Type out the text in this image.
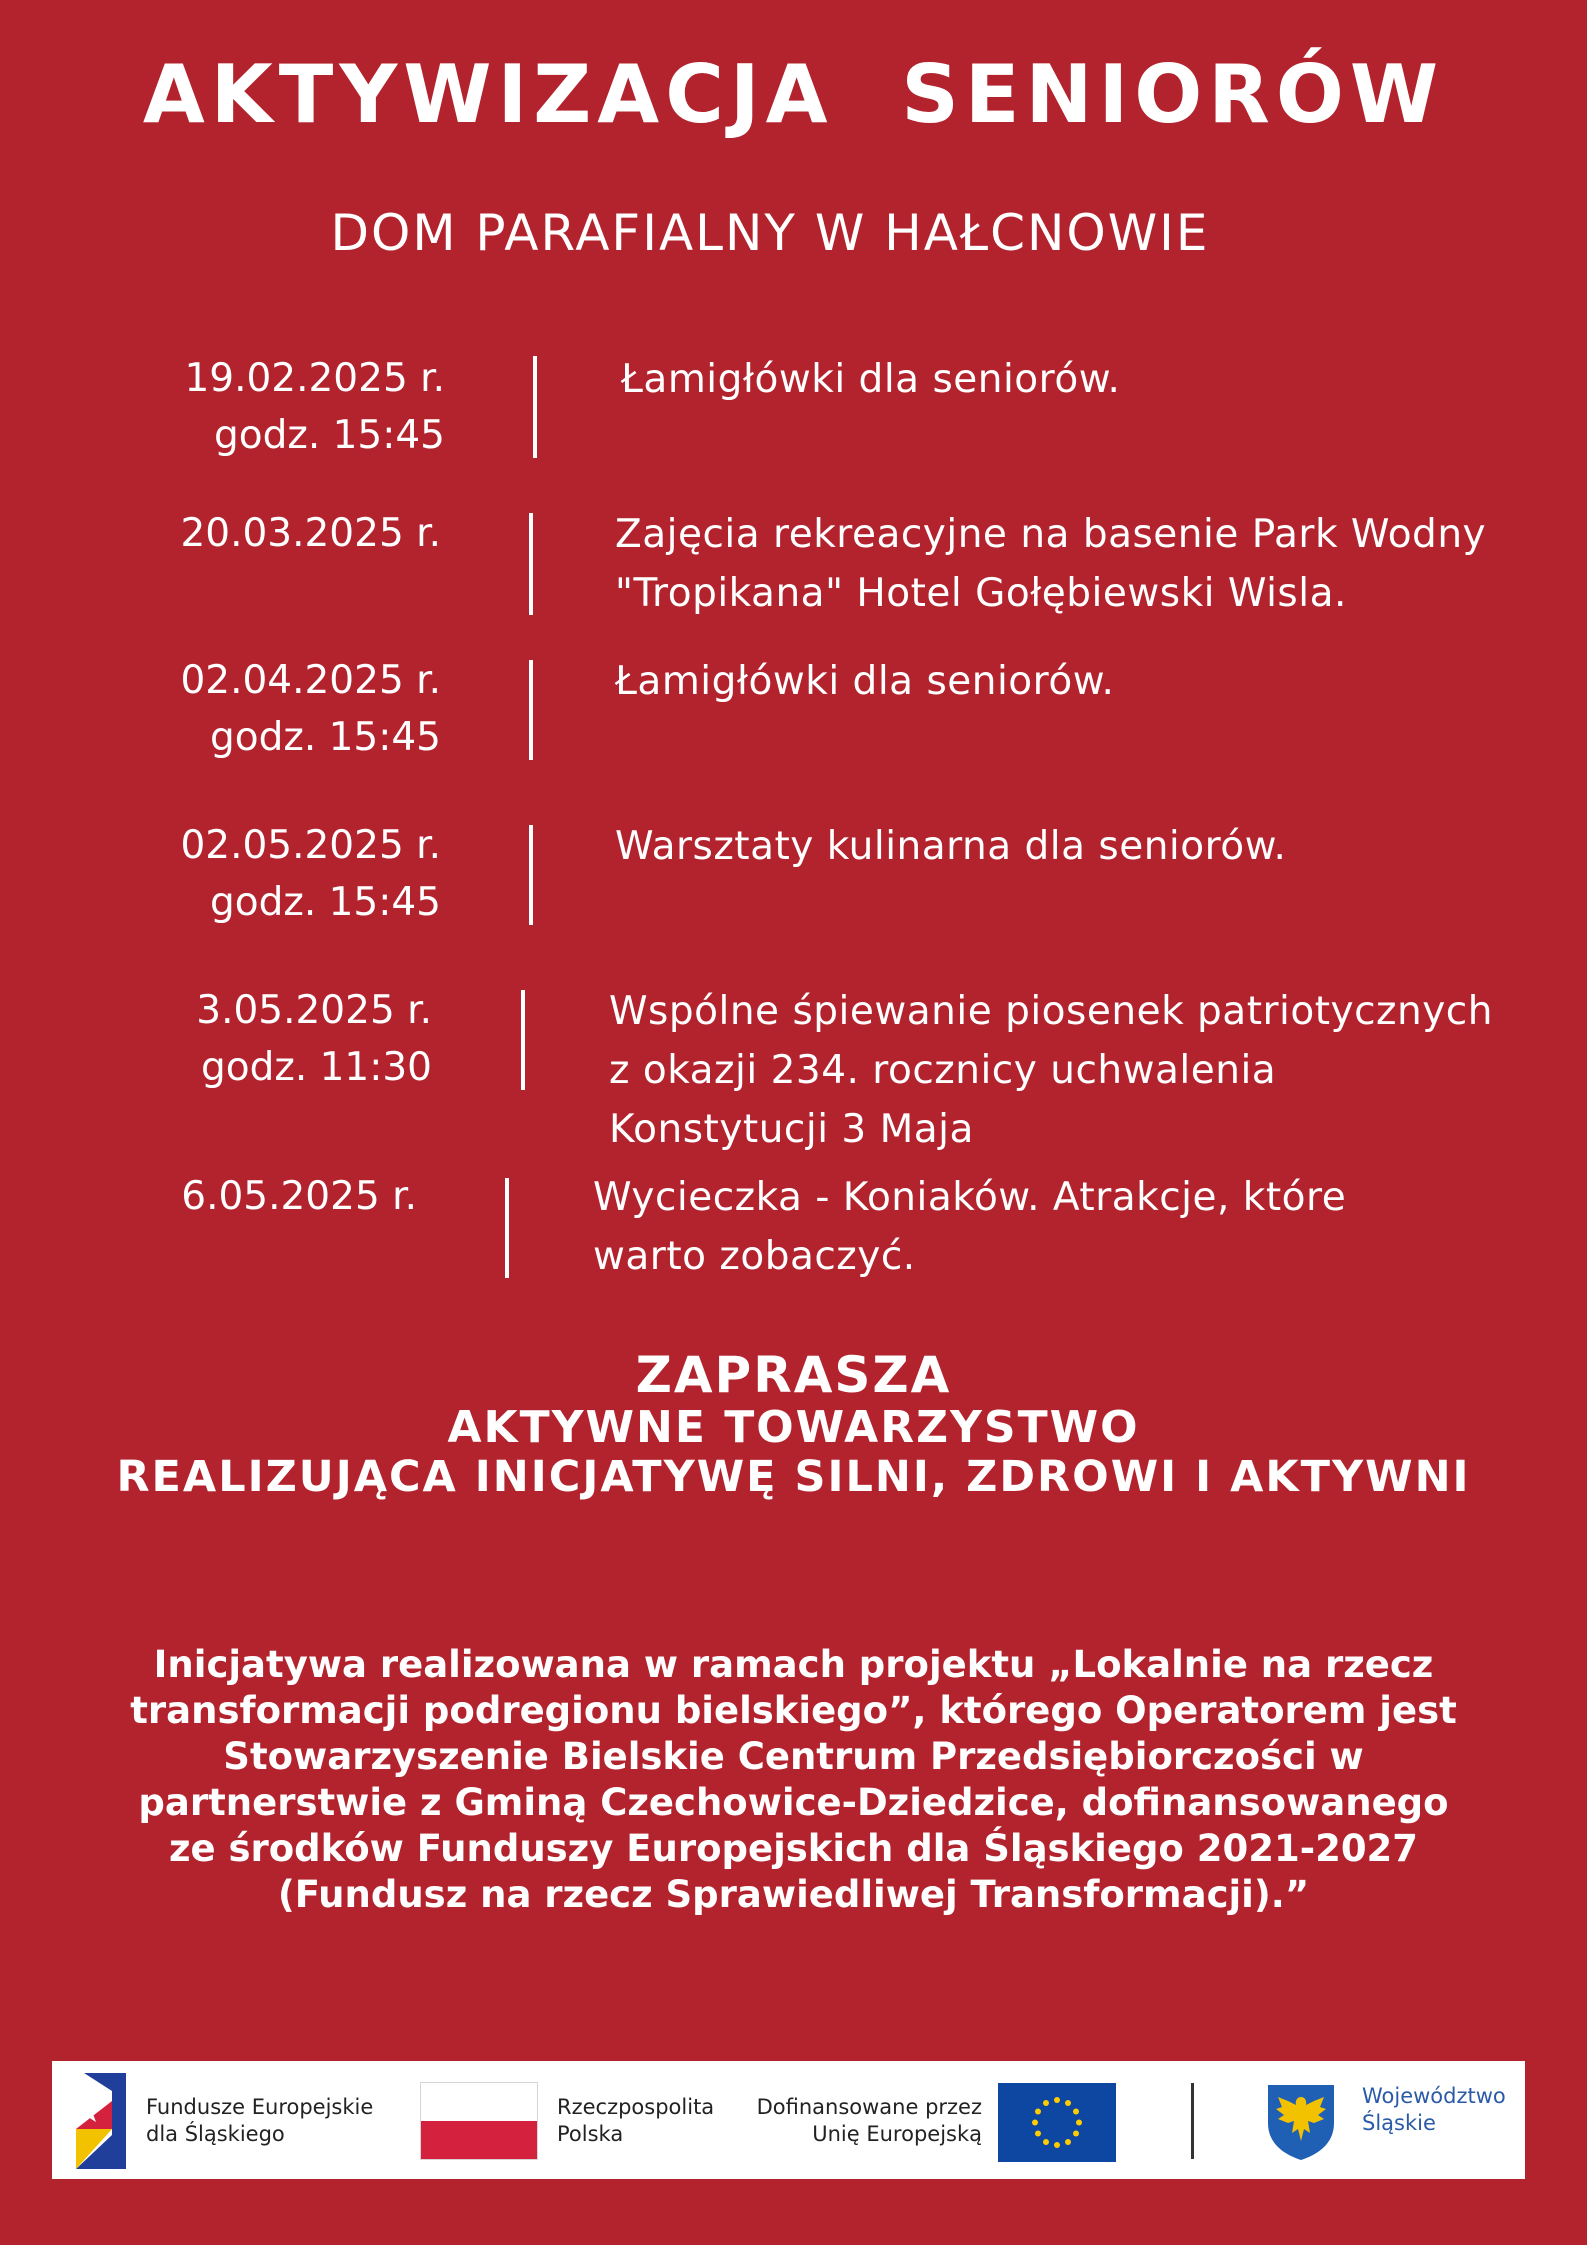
AKTYWIZACJA  SENIORÓW
DOM PARAFIALNY W HAŁCNOWIE
19.02.2025 r.
godz. 15:45
Łamigłówki dla seniorów.
20.03.2025 r.	Zajęcia rekreacyjne na basenie Park Wodny
"Tropikana" Hotel Gołębiewski Wisla.
02.04.2025 r.
godz. 15:45
Łamigłówki dla seniorów.
02.05.2025 r.
godz. 15:45
Warsztaty kulinarna dla seniorów.
3.05.2025 r.
godz. 11:30
Wspólne śpiewanie piosenek patriotycznych
z okazji 234. rocznicy uchwalenia
Konstytucji 3 Maja
6.05.2025 r.	Wycieczka - Koniaków. Atrakcje, które
warto zobaczyć.
ZAPRASZA
AKTYWNE TOWARZYSTWO
REALIZUJĄCA INICJATYWĘ SILNI, ZDROWI I AKTYWNI
Inicjatywa realizowana w ramach projektu „Lokalnie na rzecz
transformacji podregionu bielskiego”, którego Operatorem jest
Stowarzyszenie Bielskie Centrum Przedsiębiorczości w
partnerstwie z Gminą Czechowice-Dziedzice, dofinansowanego
ze środków Funduszy Europejskich dla Śląskiego 2021-2027
(Fundusz na rzecz Sprawiedliwej Transformacji).”
Fundusze Europejskie
dla Śląskiego
Rzeczpospolita
Polska
Dofinansowane przez
Unię Europejską
Województwo
Śląskie
